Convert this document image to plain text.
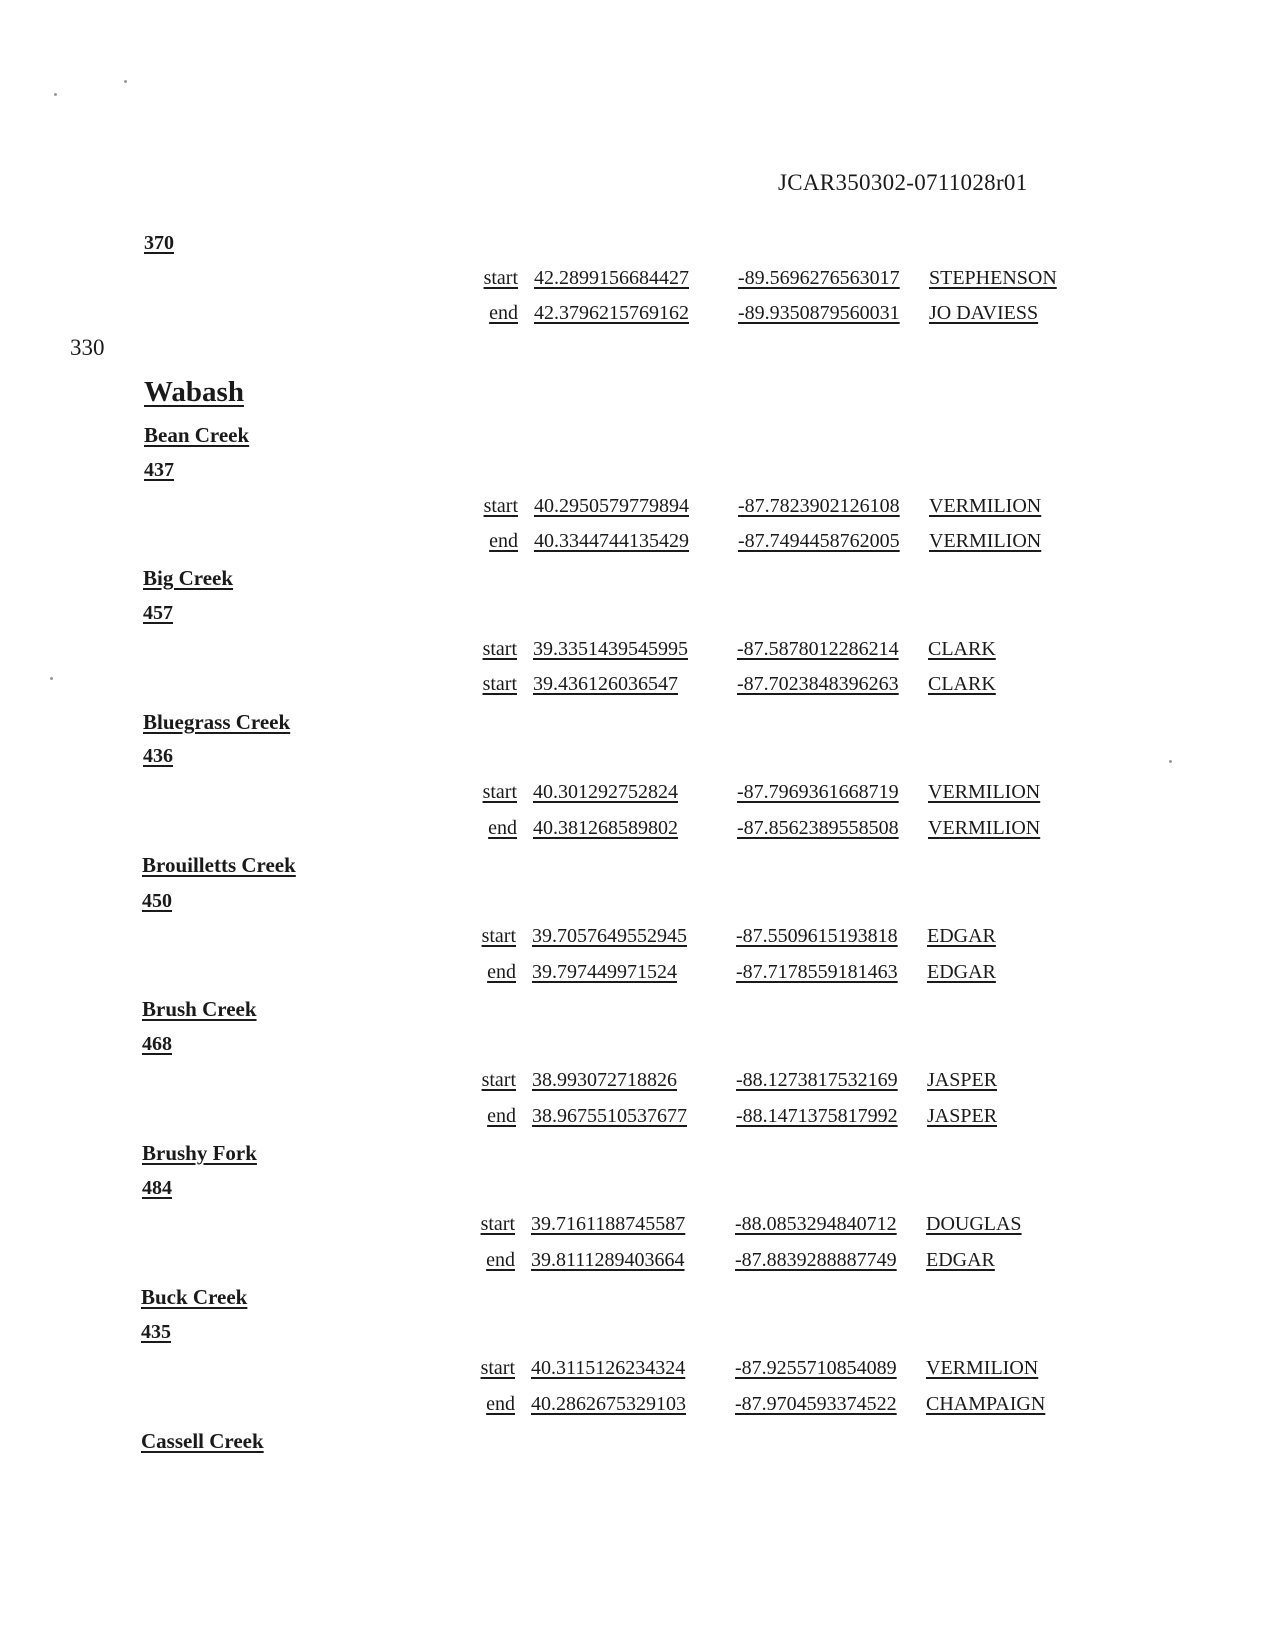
JCAR350302-0711028r01
330
370
start 42.2899156684427 -89.5696276563017 STEPHENSON
end 42.3796215769162 -89.9350879560031 JO DAVIESS
Wabash
Bean Creek
437
start 40.2950579779894 -87.7823902126108 VERMILION
end 40.3344744135429 -87.7494458762005 VERMILION
Big Creek
457
start 39.3351439545995 -87.5878012286214 CLARK
start 39.436126036547	-87.7023848396263 CLARK
Bluegrass Creek
436
start 40.301292752824	-87.7969361668719 VERMILION
end 40.381268589802	-87.8562389558508 VERMILION
Brouilletts Creek
450
start 39.7057649552945 -87.5509615193818 EDGAR
end 39.797449971524	-87.7178559181463 EDGAR
Brush Creek
468
start 38.993072718826	-88.1273817532169 JASPER
end 38.9675510537677 -88.1471375817992 JASPER
Brushy Fork
484
start 39.7161188745587 -88.0853294840712 DOUGLAS
end 39.8111289403664	-87.8839288887749 EDGAR
Buck Creek
435
start 40.3115126234324 -87.9255710854089 VERMILION
end 40.2862675329103 -87.9704593374522 CHAMPAIGN
Cassell Creek
